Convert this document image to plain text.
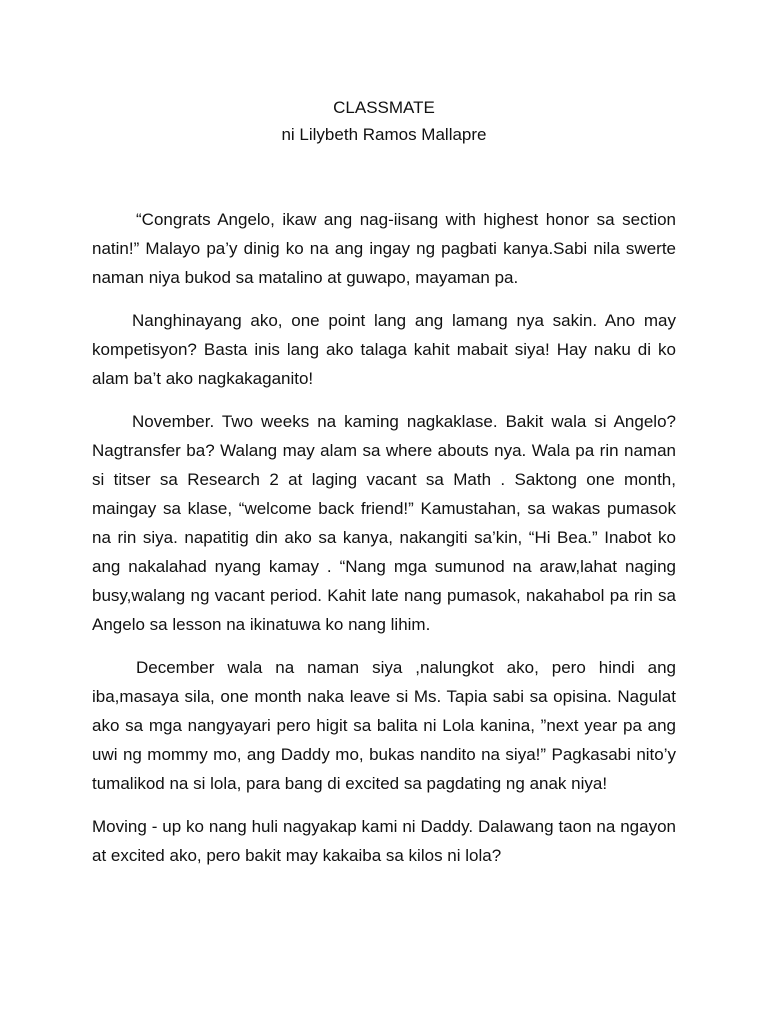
CLASSMATE
ni Lilybeth Ramos Mallapre

“Congrats Angelo, ikaw ang nag-iisang with highest honor sa section natin!” Malayo pa’y dinig ko na ang ingay ng pagbati kanya.Sabi nila swerte naman niya bukod sa matalino at guwapo, mayaman pa.

Nanghinayang ako, one point lang ang lamang nya sakin. Ano may kompetisyon? Basta inis lang ako talaga kahit mabait siya! Hay naku di ko alam ba’t ako nagkakaganito!

November. Two weeks na kaming nagkaklase. Bakit wala si Angelo? Nagtransfer ba? Walang may alam sa where abouts nya. Wala pa rin naman si titser sa Research 2 at laging vacant sa Math . Saktong one month, maingay sa klase, “welcome back friend!” Kamustahan, sa wakas pumasok na rin siya. napatitig din ako sa kanya, nakangiti sa’kin, “Hi Bea.” Inabot ko ang nakalahad nyang kamay . “Nang mga sumunod na araw,lahat naging busy,walang ng vacant period. Kahit late nang pumasok, nakahabol pa rin sa Angelo sa lesson na ikinatuwa ko nang lihim.

December wala na naman siya ,nalungkot ako, pero hindi ang iba,masaya sila, one month naka leave si Ms. Tapia sabi sa opisina. Nagulat ako sa mga nangyayari pero higit sa balita ni Lola kanina, ”next year pa ang uwi ng mommy mo, ang Daddy mo, bukas nandito na siya!” Pagkasabi nito’y tumalikod na si lola, para bang di excited sa pagdating ng anak niya!

Moving - up ko nang huli nagyakap kami ni Daddy. Dalawang taon na ngayon at excited ako, pero bakit may kakaiba sa kilos ni lola?
